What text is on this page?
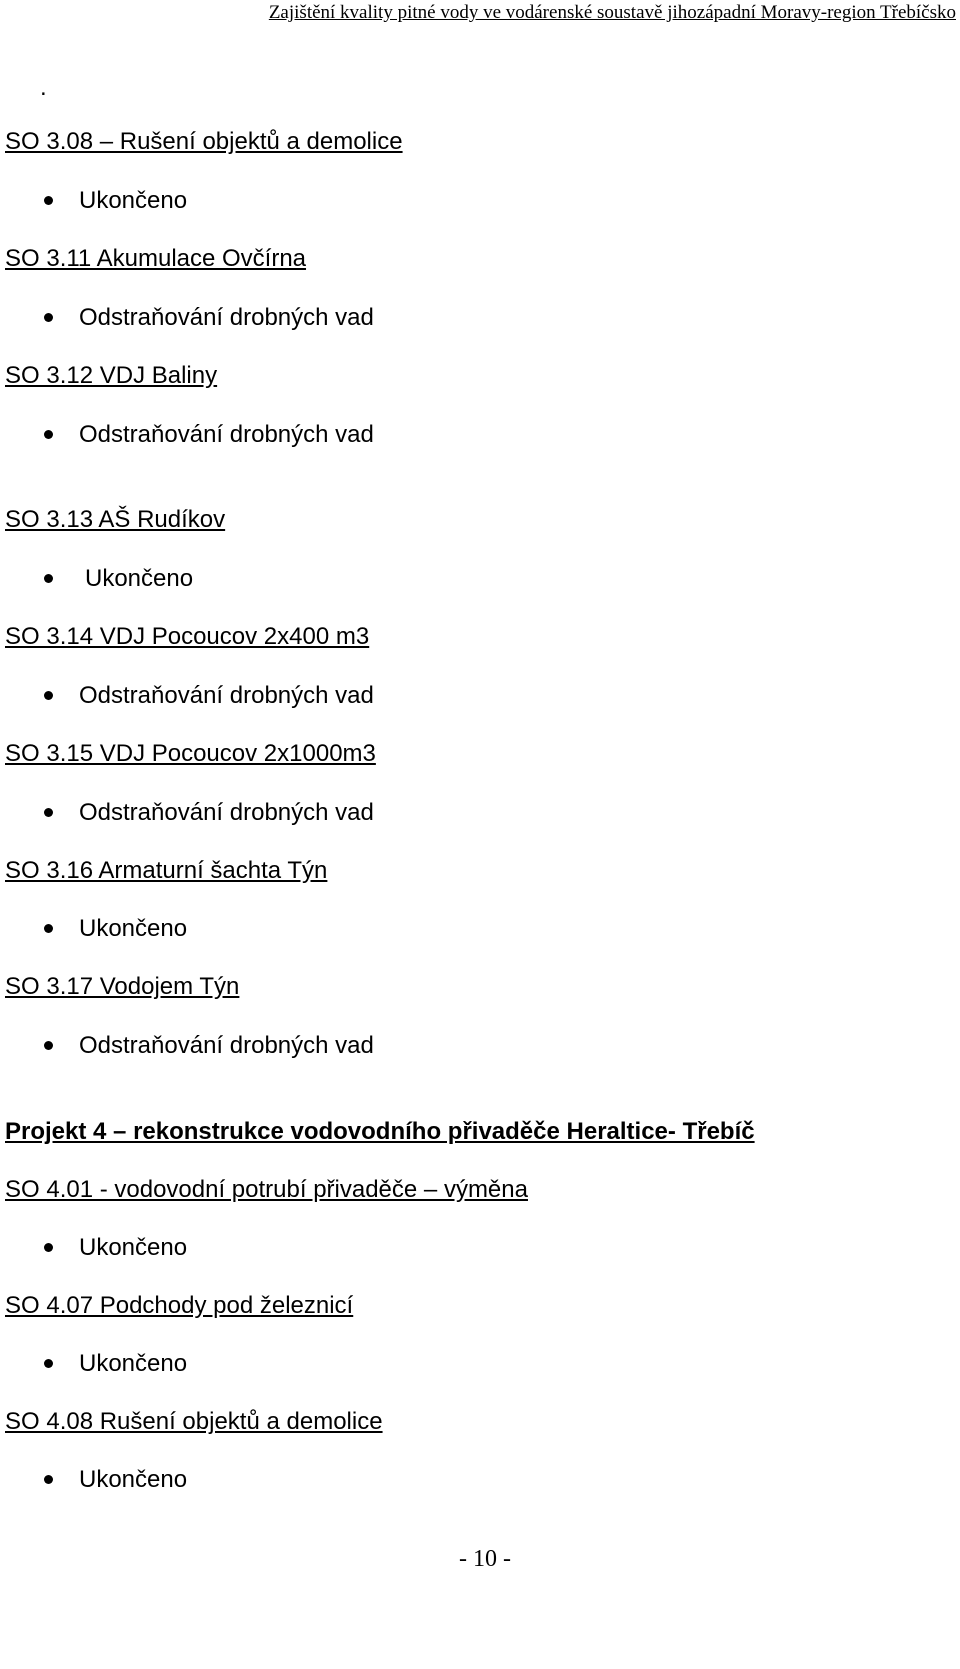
Zajištění kvality pitné vody ve vodárenské soustavě jihozápadní Moravy-region Třebíčsko
.
SO 3.08 – Rušení objektů a demolice
Ukončeno
SO 3.11 Akumulace Ovčírna
Odstraňování drobných vad
SO 3.12 VDJ Baliny
Odstraňování drobných vad
SO 3.13 AŠ Rudíkov
Ukončeno
SO 3.14 VDJ Pocoucov 2x400 m3
Odstraňování drobných vad
SO 3.15 VDJ Pocoucov 2x1000m3
Odstraňování drobných vad
SO 3.16 Armaturní šachta Týn
Ukončeno
SO 3.17 Vodojem Týn
Odstraňování drobných vad
Projekt 4 – rekonstrukce vodovodního přivaděče Heraltice- Třebíč
SO 4.01 - vodovodní potrubí přivaděče – výměna
Ukončeno
SO 4.07 Podchody pod železnicí
Ukončeno
SO 4.08 Rušení objektů a demolice
Ukončeno
- 10 -
